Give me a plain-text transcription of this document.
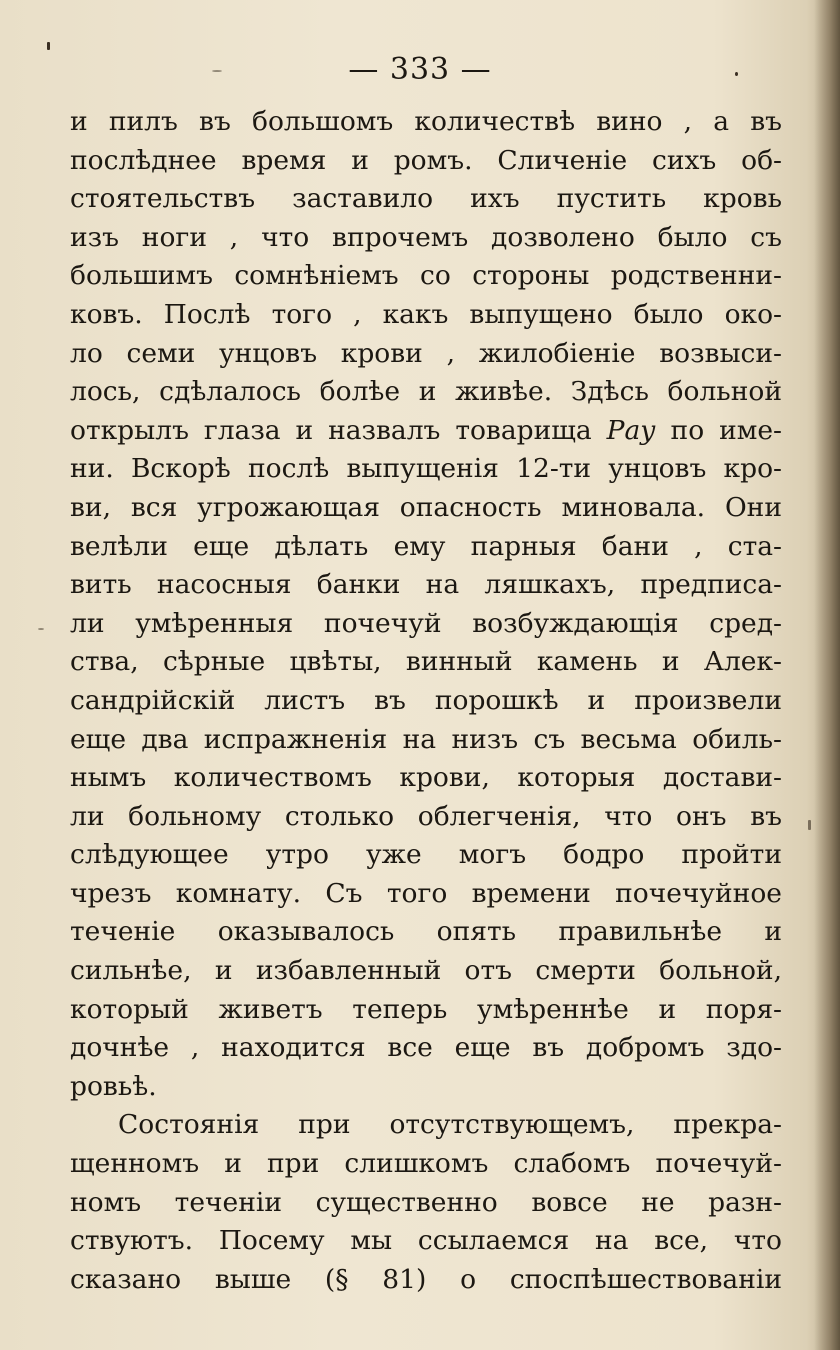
— 333 —
и пилъ въ большомъ количествѣ вино , а въ
послѣднее время и ромъ. Сличеніе сихъ об-
стоятельствъ заставило ихъ пустить кровь
изъ ноги , что впрочемъ дозволено было съ
большимъ сомнѣніемъ со стороны родственни-
ковъ. Послѣ того , какъ выпущено было око-
ло семи унцовъ крови , жилобіеніе возвыси-
лось, сдѣлалось болѣе и живѣе. Здѣсь больной
открылъ глаза и назвалъ товарища Рау по име-
ни. Вскорѣ послѣ выпущенія 12-ти унцовъ кро-
ви, вся угрожающая опасность миновала. Они
велѣли еще дѣлать ему парныя бани , ста-
вить насосныя банки на ляшкахъ, предписа-
ли умѣренныя почечуй возбуждающія сред-
ства, сѣрные цвѣты, винный камень и Алек-
сандрійскій листъ въ порошкѣ и произвели
еще два испражненія на низъ съ весьма обиль-
нымъ количествомъ крови, которыя достави-
ли больному столько облегченія, что онъ въ
слѣдующее утро уже могъ бодро пройти
чрезъ комнату. Съ того времени почечуйное
теченіе оказывалось опять правильнѣе и
сильнѣе, и избавленный отъ смерти больной,
который живетъ теперь умѣреннѣе и поря-
дочнѣе , находится все еще въ добромъ здо-
ровьѣ.
Состоянія при отсутствующемъ, прекра-
щенномъ и при слишкомъ слабомъ почечуй-
номъ теченіи существенно вовсе не разн-
ствуютъ. Посему мы ссылаемся на все, что
сказано выше (§ 81) о споспѣшествованіи
